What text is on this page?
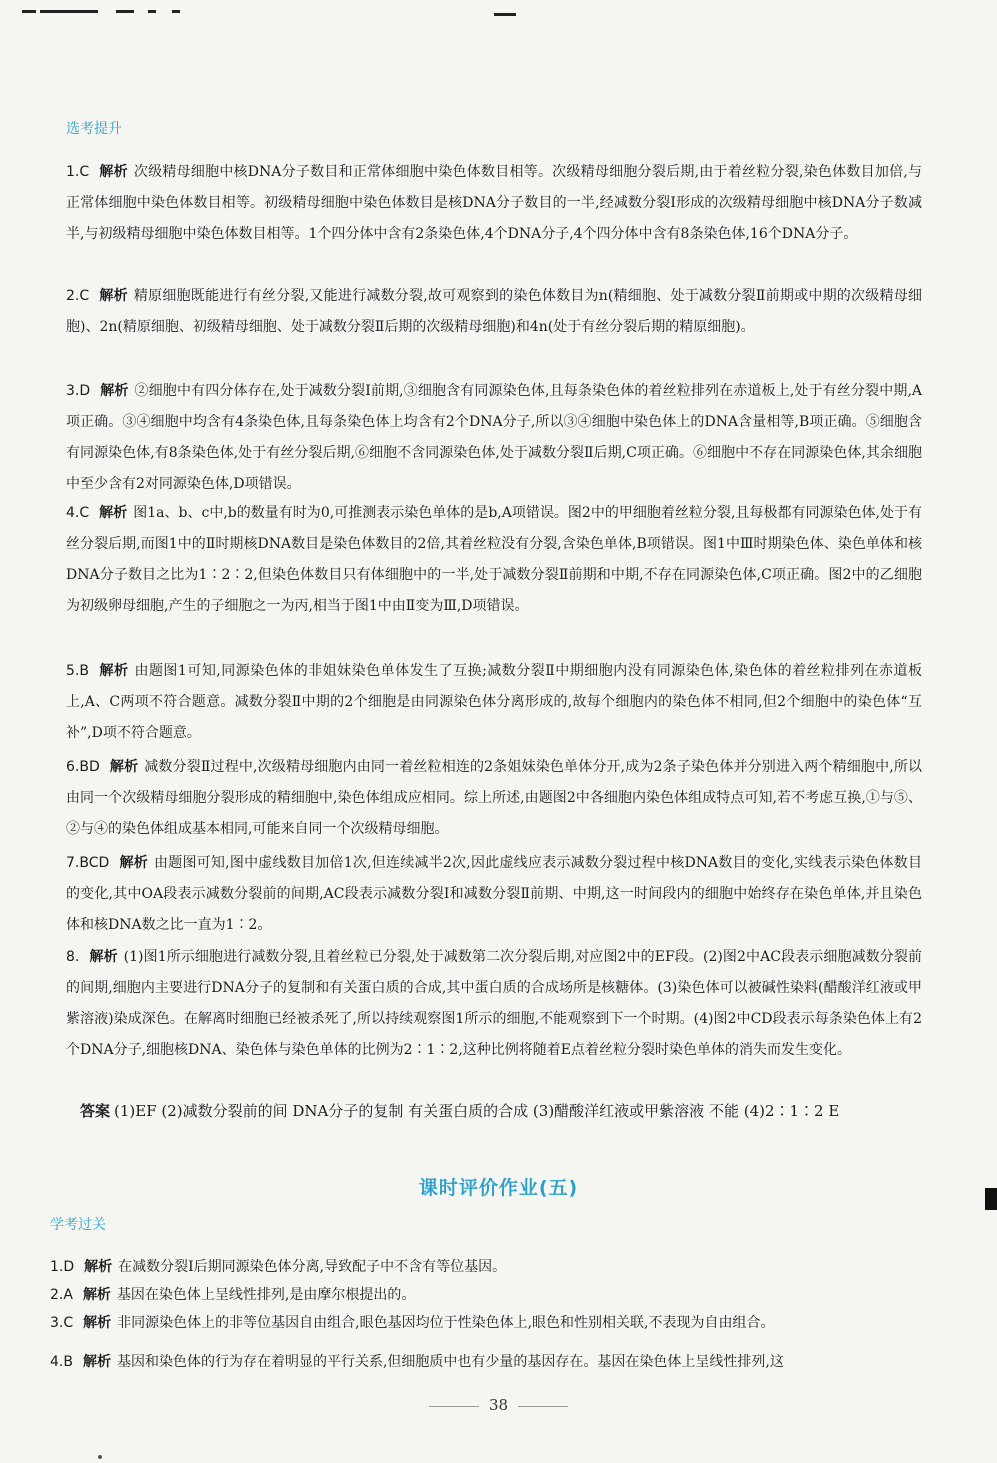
选考提升
1.C 解析 次级精母细胞中核DNA分子数目和正常体细胞中染色体数目相等。次级精母细胞分裂后期,由于着丝粒分裂,染色体数目加倍,与正常体细胞中染色体数目相等。初级精母细胞中染色体数目是核DNA分子数目的一半,经减数分裂Ⅰ形成的次级精母细胞中核DNA分子数减半,与初级精母细胞中染色体数目相等。1个四分体中含有2条染色体,4个DNA分子,4个四分体中含有8条染色体,16个DNA分子。
2.C 解析 精原细胞既能进行有丝分裂,又能进行减数分裂,故可观察到的染色体数目为n(精细胞、处于减数分裂Ⅱ前期或中期的次级精母细胞)、2n(精原细胞、初级精母细胞、处于减数分裂Ⅱ后期的次级精母细胞)和4n(处于有丝分裂后期的精原细胞)。
3.D 解析 ②细胞中有四分体存在,处于减数分裂Ⅰ前期,③细胞含有同源染色体,且每条染色体的着丝粒排列在赤道板上,处于有丝分裂中期,A项正确。③④细胞中均含有4条染色体,且每条染色体上均含有2个DNA分子,所以③④细胞中染色体上的DNA含量相等,B项正确。⑤细胞含有同源染色体,有8条染色体,处于有丝分裂后期,⑥细胞不含同源染色体,处于减数分裂Ⅱ后期,C项正确。⑥细胞中不存在同源染色体,其余细胞中至少含有2对同源染色体,D项错误。
4.C 解析 图1a、b、c中,b的数量有时为0,可推测表示染色单体的是b,A项错误。图2中的甲细胞着丝粒分裂,且每极都有同源染色体,处于有丝分裂后期,而图1中的Ⅱ时期核DNA数目是染色体数目的2倍,其着丝粒没有分裂,含染色单体,B项错误。图1中Ⅲ时期染色体、染色单体和核DNA分子数目之比为1∶2∶2,但染色体数目只有体细胞中的一半,处于减数分裂Ⅱ前期和中期,不存在同源染色体,C项正确。图2中的乙细胞为初级卵母细胞,产生的子细胞之一为丙,相当于图1中由Ⅱ变为Ⅲ,D项错误。
5.B 解析 由题图1可知,同源染色体的非姐妹染色单体发生了互换;减数分裂Ⅱ中期细胞内没有同源染色体,染色体的着丝粒排列在赤道板上,A、C两项不符合题意。减数分裂Ⅱ中期的2个细胞是由同源染色体分离形成的,故每个细胞内的染色体不相同,但2个细胞中的染色体“互补”,D项不符合题意。
6.BD 解析 减数分裂Ⅱ过程中,次级精母细胞内由同一着丝粒相连的2条姐妹染色单体分开,成为2条子染色体并分别进入两个精细胞中,所以由同一个次级精母细胞分裂形成的精细胞中,染色体组成应相同。综上所述,由题图2中各细胞内染色体组成特点可知,若不考虑互换,①与⑤、②与④的染色体组成基本相同,可能来自同一个次级精母细胞。
7.BCD 解析 由题图可知,图中虚线数目加倍1次,但连续减半2次,因此虚线应表示减数分裂过程中核DNA数目的变化,实线表示染色体数目的变化,其中OA段表示减数分裂前的间期,AC段表示减数分裂Ⅰ和减数分裂Ⅱ前期、中期,这一时间段内的细胞中始终存在染色单体,并且染色体和核DNA数之比一直为1∶2。
8. 解析 (1)图1所示细胞进行减数分裂,且着丝粒已分裂,处于减数第二次分裂后期,对应图2中的EF段。(2)图2中AC段表示细胞减数分裂前的间期,细胞内主要进行DNA分子的复制和有关蛋白质的合成,其中蛋白质的合成场所是核糖体。(3)染色体可以被碱性染料(醋酸洋红液或甲紫溶液)染成深色。在解离时细胞已经被杀死了,所以持续观察图1所示的细胞,不能观察到下一个时期。(4)图2中CD段表示每条染色体上有2个DNA分子,细胞核DNA、染色体与染色单体的比例为2∶1∶2,这种比例将随着E点着丝粒分裂时染色单体的消失而发生变化。
答案 (1)EF (2)减数分裂前的间 DNA分子的复制 有关蛋白质的合成 (3)醋酸洋红液或甲紫溶液 不能 (4)2∶1∶2 E
课时评价作业(五)
学考过关
1.D 解析 在减数分裂Ⅰ后期同源染色体分离,导致配子中不含有等位基因。
2.A 解析 基因在染色体上呈线性排列,是由摩尔根提出的。
3.C 解析 非同源染色体上的非等位基因自由组合,眼色基因均位于性染色体上,眼色和性别相关联,不表现为自由组合。
4.B 解析 基因和染色体的行为存在着明显的平行关系,但细胞质中也有少量的基因存在。基因在染色体上呈线性排列,这
38
